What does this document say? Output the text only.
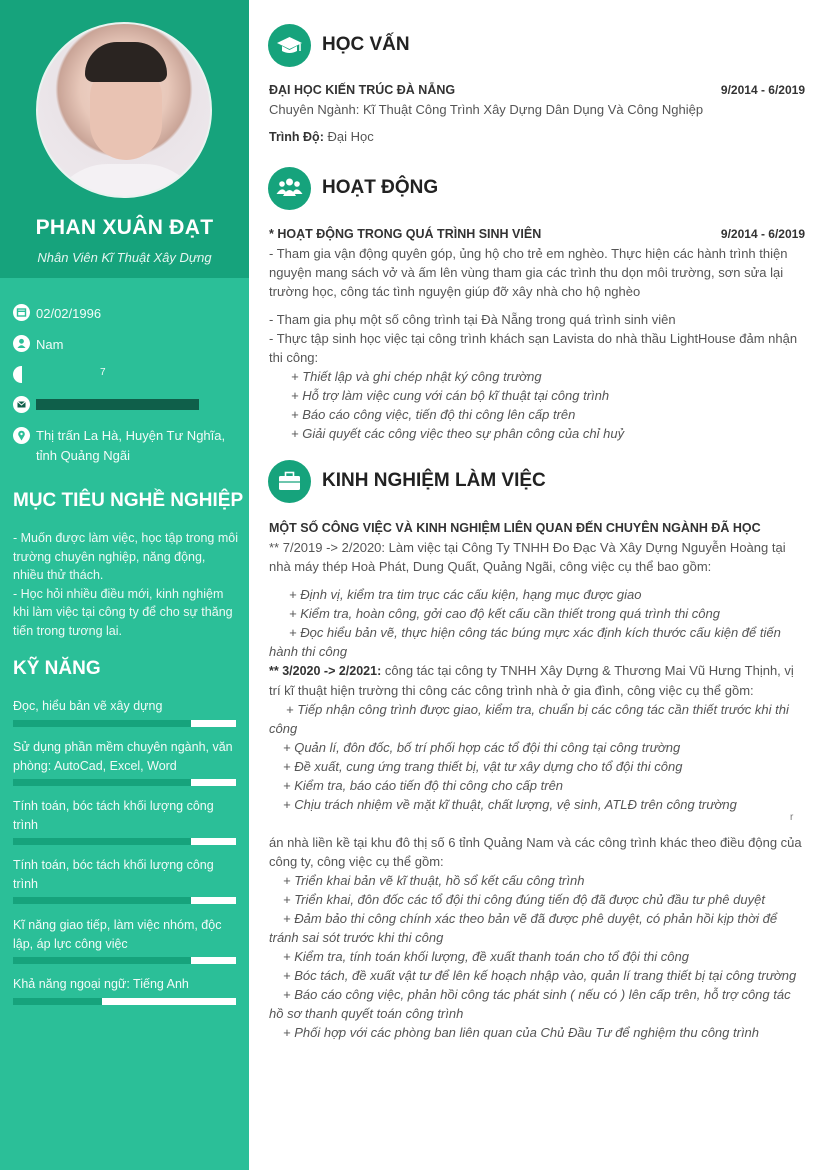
PHAN XUÂN ĐẠT
Nhân Viên Kĩ Thuật Xây Dựng
02/02/1996
Nam
7
Thị trấn La Hà, Huyện Tư Nghĩa, tỉnh Quảng Ngãi
MỤC TIÊU NGHỀ NGHIỆP
- Muốn được làm việc, học tập trong môi trường chuyên nghiệp, năng động, nhiều thử thách.
- Học hỏi nhiều điều mới, kinh nghiệm khi làm việc tại công ty để cho sự thăng tiến trong tương lai.
KỸ NĂNG
Đọc, hiểu bản vẽ xây dựng
Sử dụng phần mềm chuyên ngành, văn phòng: AutoCad, Excel, Word
Tính toán, bóc tách khối lượng công trình
Tính toán, bóc tách khối lượng công trình
Kĩ năng giao tiếp, làm việc nhóm, độc lập, áp lực công việc
Khả năng ngoại ngữ: Tiếng Anh
HỌC VẤN
ĐẠI HỌC KIẾN TRÚC ĐÀ NẴNG
Chuyên Ngành: Kĩ Thuật Công Trình Xây Dựng Dân Dụng Và Công Nghiệp
Trình Độ: Đại Học
9/2014 - 6/2019
HOẠT ĐỘNG
* HOẠT ĐỘNG TRONG QUÁ TRÌNH SINH VIÊN
- Tham gia vận động quyên góp, ủng hộ cho trẻ em nghèo. Thực hiện các hành trình thiện nguyện mang sách vở và ấm lên vùng tham gia các trình thu dọn môi trường, sơn sửa lại trường học, công tác tình nguyện giúp đỡ xây nhà cho hộ nghèo
- Tham gia phụ một số công trình tại Đà Nẵng trong quá trình sinh viên
- Thực tập sinh học việc tại công trình khách sạn Lavista do nhà thầu LightHouse đảm nhận thi công:
+ Thiết lập và ghi chép nhật ký công trường
+ Hỗ trợ làm việc cung với cán bộ kĩ thuật tại công trình
+ Báo cáo công việc, tiến độ thi công lên cấp trên
+ Giải quyết các công việc theo sự phân công của chỉ huỷ
9/2014 - 6/2019
KINH NGHIỆM LÀM VIỆC
MỘT SỐ CÔNG VIỆC VÀ KINH NGHIỆM LIÊN QUAN ĐẾN CHUYÊN NGÀNH ĐÃ HỌC
** 7/2019 -> 2/2020: Làm việc tại Công Ty TNHH Đo Đạc Và Xây Dựng Nguyễn Hoàng tại nhà máy thép Hoà Phát, Dung Quất, Quảng Ngãi, công việc cụ thể bao gồm:
+ Định vị, kiểm tra tim trục các cấu kiện, hạng mục được giao
+ Kiểm tra, hoàn công, gởi cao độ kết cấu cần thiết trong quá trình thi công
+ Đọc hiểu bản vẽ, thực hiện công tác búng mực xác định kích thước cấu kiện để tiến hành thi công
** 3/2020 -> 2/2021: công tác tại công ty TNHH Xây Dựng & Thương Mai Vũ Hưng Thịnh, vị trí kĩ thuật hiện trường thi công các công trình nhà ở gia đình, công việc cụ thể gồm:
+ Tiếp nhận công trình được giao, kiểm tra, chuẩn bị các công tác cần thiết trước khi thi công
+ Quản lí, đôn đốc, bố trí phối hợp các tổ đội thi công tại công trường
+ Đề xuất, cung ứng trang thiết bị, vật tư xây dựng cho tổ đội thi công
+ Kiểm tra, báo cáo tiến độ thi công cho cấp trên
+ Chịu trách nhiệm về mặt kĩ thuật, chất lượng, vệ sinh, ATLĐ trên công trường
án nhà liền kề tại khu đô thị số 6 tỉnh Quảng Nam và các công trình khác theo điều động của công ty, công việc cụ thể gồm:
+ Triển khai bản vẽ kĩ thuật, hồ sổ kết cấu công trình
+ Triển khai, đôn đốc các tổ đội thi công đúng tiến độ đã được chủ đầu tư phê duyệt
+ Đảm bảo thi công chính xác theo bản vẽ đã được phê duyệt, có phản hồi kịp thời để tránh sai sót trước khi thi công
+ Kiểm tra, tính toán khối lượng, đề xuất thanh toán cho tổ đội thi công
+ Bóc tách, đề xuất vật tư để lên kế hoạch nhập vào, quản lí trang thiết bị tại công trường
+ Báo cáo công việc, phản hồi công tác phát sinh ( nếu có ) lên cấp trên, hỗ trợ công tác hồ sơ thanh quyết toán công trình
+ Phối hợp với các phòng ban liên quan của Chủ Đầu Tư để nghiệm thu công trình
r
